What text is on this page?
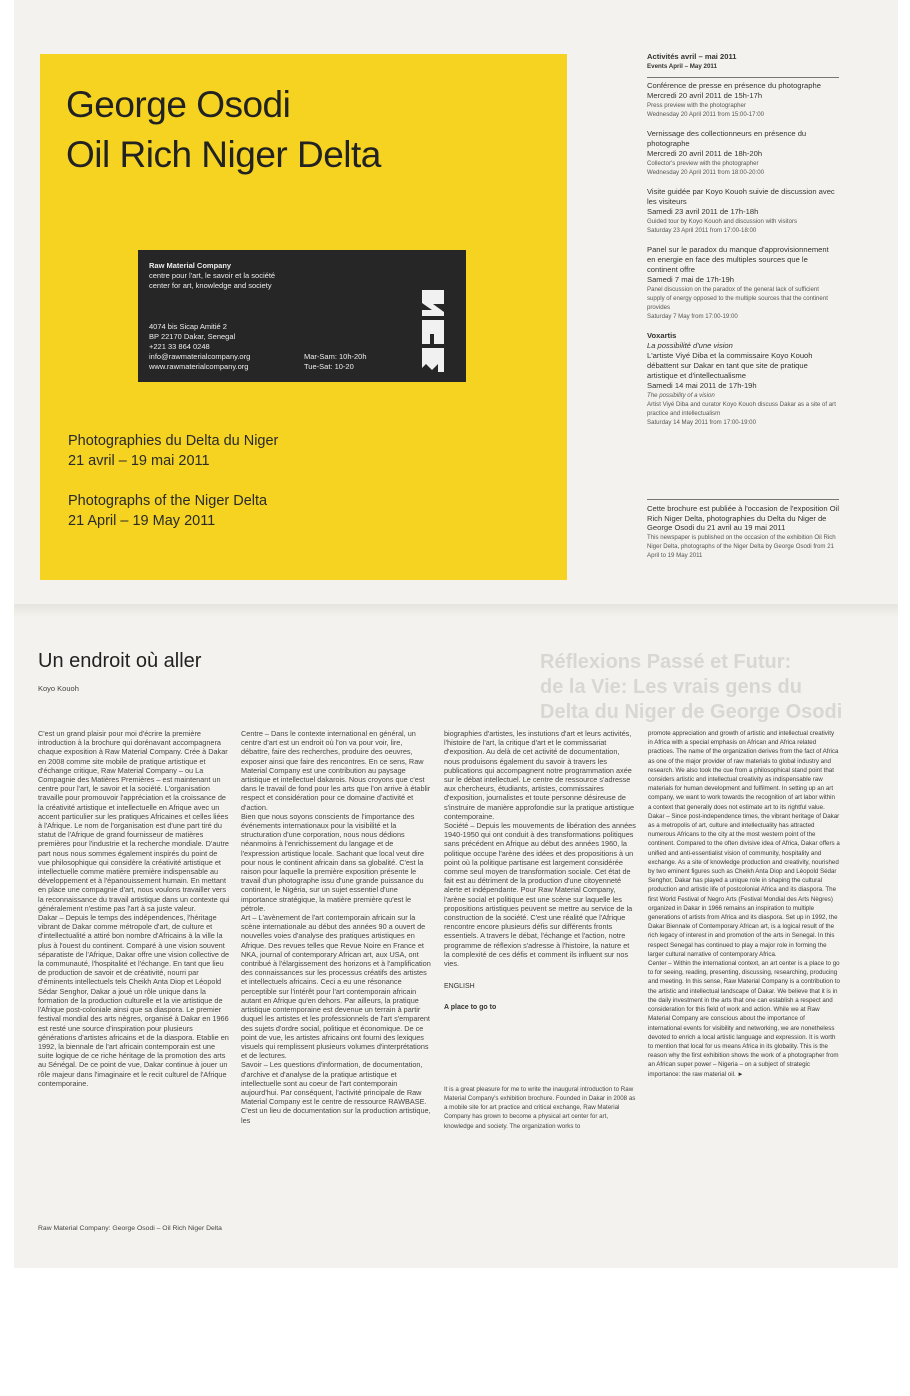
George Osodi
Oil Rich Niger Delta
Raw Material Company
centre pour l'art, le savoir et la société
center for art, knowledge and society
4074 bis Sicap Amitié 2
BP 22170 Dakar, Senegal
+221 33 864 0248
info@rawmaterialcompany.org
www.rawmaterialcompany.org
Mar-Sam: 10h-20h
Tue-Sat: 10-20
Photographies du Delta du Niger
21 avril – 19 mai 2011
Photographs of the Niger Delta
21 April – 19 May 2011
Activités avril – mai 2011
Events April – May 2011
Conférence de presse en présence du photographe
Mercredi 20 avril 2011 de 15h-17h
Press preview with the photographer
Wednesday 20 April 2011 from 15:00-17:00
Vernissage des collectionneurs en présence du photographe
Mercredi 20 avril 2011 de 18h-20h
Collector's preview with the photographer
Wednesday 20 April 2011 from 18:00-20:00
Visite guidée par Koyo Kouoh suivie de discussion avec les visiteurs
Samedi 23 avril 2011 de 17h-18h
Guided tour by Koyo Kouoh and discussion with visitors
Saturday 23 April 2011 from 17:00-18:00
Panel sur le paradox du manque d'approvisionnement en energie en face des multiples sources que le continent offre
Samedi 7 mai de 17h-19h
Panel discussion on the paradox of the general lack of sufficient supply of energy opposed to the multiple sources that the continent provides
Saturday 7 May from 17:00-19:00
Voxartis
La possibilité d'une vision
L'artiste Viyé Diba et la commissaire Koyo Kouoh débattent sur Dakar en tant que site de pratique artistique et d'intellectualisme
Samedi 14 mai 2011 de 17h-19h
The possibility of a vision
Artist Viyé Diba and curator Koyo Kouoh discuss Dakar as a site of art practice and intellectualism
Saturday 14 May 2011 from 17:00-19:00
Cette brochure est publiée à l'occasion de l'exposition Oil Rich Niger Delta, photographies du Delta du Niger de George Osodi du 21 avril au 19 mai 2011
This newspaper is published on the occasion of the exhibition Oil Rich Niger Delta, photographs of the Niger Delta by George Osodi from 21 April to 19 May 2011
Réflexions Passé et Futur:
de la Vie: Les vrais gens du
Delta du Niger de George Osodi
Un endroit où aller
Koyo Kouoh

C'est un grand plaisir pour moi d'écrire la première introduction à la brochure qui dorénavant accompagnera chaque exposition à Raw Material Company. Crée à Dakar en 2008 comme site mobile de pratique artistique et d'échange critique, Raw Material Company – ou La Compagnie des Matières Premières – est maintenant un centre pour l'art, le savoir et la société. L'organisation travaille pour promouvoir l'appréciation et la croissance de la créativité artistique et intellectuelle en Afrique avec un accent particulier sur les pratiques Africaines et celles liées à l'Afrique. Le nom de l'organisation est d'une part tiré du statut de l'Afrique de grand fournisseur de matières premières pour l'industrie et la recherche mondiale. D'autre part nous nous sommes également inspirés du point de vue philosophique qui considère la créativité artistique et intellectuelle comme matière première indispensable au développement et à l'épanouissement humain. En mettant en place une compagnie d'art, nous voulons travailler vers la reconnaissance du travail artistique dans un contexte qui généralement n'estime pas l'art à sa juste valeur.

Dakar – Depuis le temps des indépendences, l'héritage vibrant de Dakar comme métropole d'art, de culture et d'intellectualité a attiré bon nombre d'Africains à la ville la plus à l'ouest du continent. Comparé à une vision souvent séparatiste de l'Afrique, Dakar offre une vision collective de la communauté, l'hospitalité et l'échange. En tant que lieu de production de savoir et de créativité, nourri par d'éminents intellectuels tels Cheikh Anta Diop et Léopold Sédar Senghor, Dakar a joué un rôle unique dans la formation de la production culturelle et la vie artistique de l'Afrique post-coloniale ainsi que sa diaspora. Le premier festival mondial des arts nègres, organisé à Dakar en 1966 est resté une source d'inspiration pour plusieurs générations d'artistes africains et de la diaspora. Etablie en 1992, la biennale de l'art africain contemporain est une suite logique de ce riche héritage de la promotion des arts au Sénégal. De ce point de vue, Dakar continue à jouer un rôle majeur dans l'imaginaire et le recit culturel de l'Afrique contemporaine.

Centre – Dans le contexte international en général, un centre d'art est un endroit où l'on va pour voir, lire, débattre, faire des recherches, produire des oeuvres, exposer ainsi que faire des rencontres. En ce sens, Raw Material Company est une contribution au paysage artistique et intellectuel dakarois. Nous croyons que c'est dans le travail de fond pour les arts que l'on arrive à établir respect et considération pour ce domaine d'activité et d'action.

Bien que nous soyons conscients de l'importance des événements internationaux pour la visibilité et la structuration d'une corporation, nous nous dédions néanmoins à l'enrichissement du langage et de l'expression artistique locale. Sachant que local veut dire pour nous le continent africain dans sa globalité. C'est la raison pour laquelle la première exposition présente le travail d'un photographe issu d'une grande puissance du continent, le Nigéria, sur un sujet essentiel d'une importance stratégique, la matière première qu'est le pétrole.

Art – L'avènement de l'art contemporain africain sur la scène internationale au début des années 90 a ouvert de nouvelles voies d'analyse des pratiques artistiques en Afrique. Des revues telles que Revue Noire en France et NKA, journal of contemporary African art, aux USA, ont contribué à l'élargissement des horizons et à l'amplification des connaissances sur les processus créatifs des artistes et intellectuels africains. Ceci a eu une résonance perceptible sur l'intérêt pour l'art contemporain africain autant en Afrique qu'en dehors. Par ailleurs, la pratique artistique contemporaine est devenue un terrain à partir duquel les artistes et les professionnels de l'art s'emparent des sujets d'ordre social, politique et économique. De ce point de vue, les artistes africains ont fourni des lexiques visuels qui remplissent plusieurs volumes d'interprétations et de lectures.

Savoir – Les questions d'information, de documentation, d'archive et d'analyse de la pratique artistique et intellectuelle sont au coeur de l'art contemporain aujourd'hui. Par conséquent, l'activité principale de Raw Material Company est le centre de ressource RAWBASE. C'est un lieu de documentation sur la production artistique, les

biographies d'artistes, les instutions d'art et leurs activités, l'histoire de l'art, la critique d'art et le commissariat d'exposition. Au delà de cet activité de documentation, nous produisons également du savoir à travers les publications qui accompagnent notre programmation axée sur le débat intellectuel. Le centre de ressource s'adresse aux chercheurs, étudiants, artistes, commissaires d'exposition, journalistes et toute personne désireuse de s'instruire de manière approfondie sur la pratique artistique contemporaine.

Société – Depuis les mouvements de libération des années 1940-1950 qui ont conduit à des transformations politiques sans précédent en Afrique au début des années 1960, la politique occupe l'arène des idées et des propositions à un point où la politique partisane est largement considérée comme seul moyen de transformation sociale. Cet état de fait est au détriment de la production d'une citoyenneté alerte et indépendante. Pour Raw Material Company, l'arène social et politique est une scène sur laquelle les propositions artistiques peuvent se mettre au service de la construction de la société. C'est une réalité que l'Afrique rencontre encore plusieurs défis sur différents fronts essentiels. A travers le débat, l'échange et l'action, notre programme de réflexion s'adresse à l'histoire, la nature et la complexité de ces défis et comment ils influent sur nos vies.

ENGLISH

A place to go to

It is a great pleasure for me to write the inaugural introduction to Raw Material Company's exhibition brochure. Founded in Dakar in 2008 as a mobile site for art practice and critical exchange, Raw Material Company has grown to become a physical art center for art, knowledge and society. The organization works to

promote appreciation and growth of artistic and intellectual creativity in Africa with a special emphasis on African and Africa related practices. The name of the organization derives from the fact of Africa as one of the major provider of raw materials to global industry and research. We also took the cue from a philosophical stand point that considers artistic and intellectual creativity as indispensable raw materials for human development and fulfilment. In setting up an art company, we want to work towards the recognition of art labor within a context that generally does not estimate art to its rightful value.

Dakar – Since post-independence times, the vibrant heritage of Dakar as a metropolis of art, culture and intellectuality has attracted numerous Africans to the city at the most western point of the continent. Compared to the often divisive idea of Africa, Dakar offers a unified and anti-essentialist vision of community, hospitality and exchange. As a site of knowledge production and creativity, nourished by two eminent figures such as Cheikh Anta Diop and Léopold Sédar Senghor, Dakar has played a unique role in shaping the cultural production and artistic life of postcolonial Africa and its diaspora. The first World Festival of Negro Arts (Festival Mondial des Arts Nègres) organized in Dakar in 1966 remains an inspiration to multiple generations of artists from Africa and its diaspora. Set up in 1992, the Dakar Biennale of Contemporary African art, is a logical result of the rich legacy of interest in and promotion of the arts in Senegal. In this respect Senegal has continued to play a major role in forming the larger cultural narrative of contemporary Africa.

Center – Within the international context, an art center is a place to go to for seeing, reading, presenting, discussing, researching, producing and meeting. In this sense, Raw Material Company is a contribution to the artistic and intellectual landscape of Dakar. We believe that it is in the daily investment in the arts that one can establish a respect and consideration for this field of work and action. While we at Raw Material Company are conscious about the importance of international events for visibility and networking, we are nonetheless devoted to enrich a local artistic language and expression. It is worth to mention that local for us means Africa in its globality. This is the reason why the first exhibition shows the work of a photographer from an African super power – Nigeria – on a subject of strategic importance: the raw material oil. ►

Raw Material Company: George Osodi – Oil Rich Niger Delta
